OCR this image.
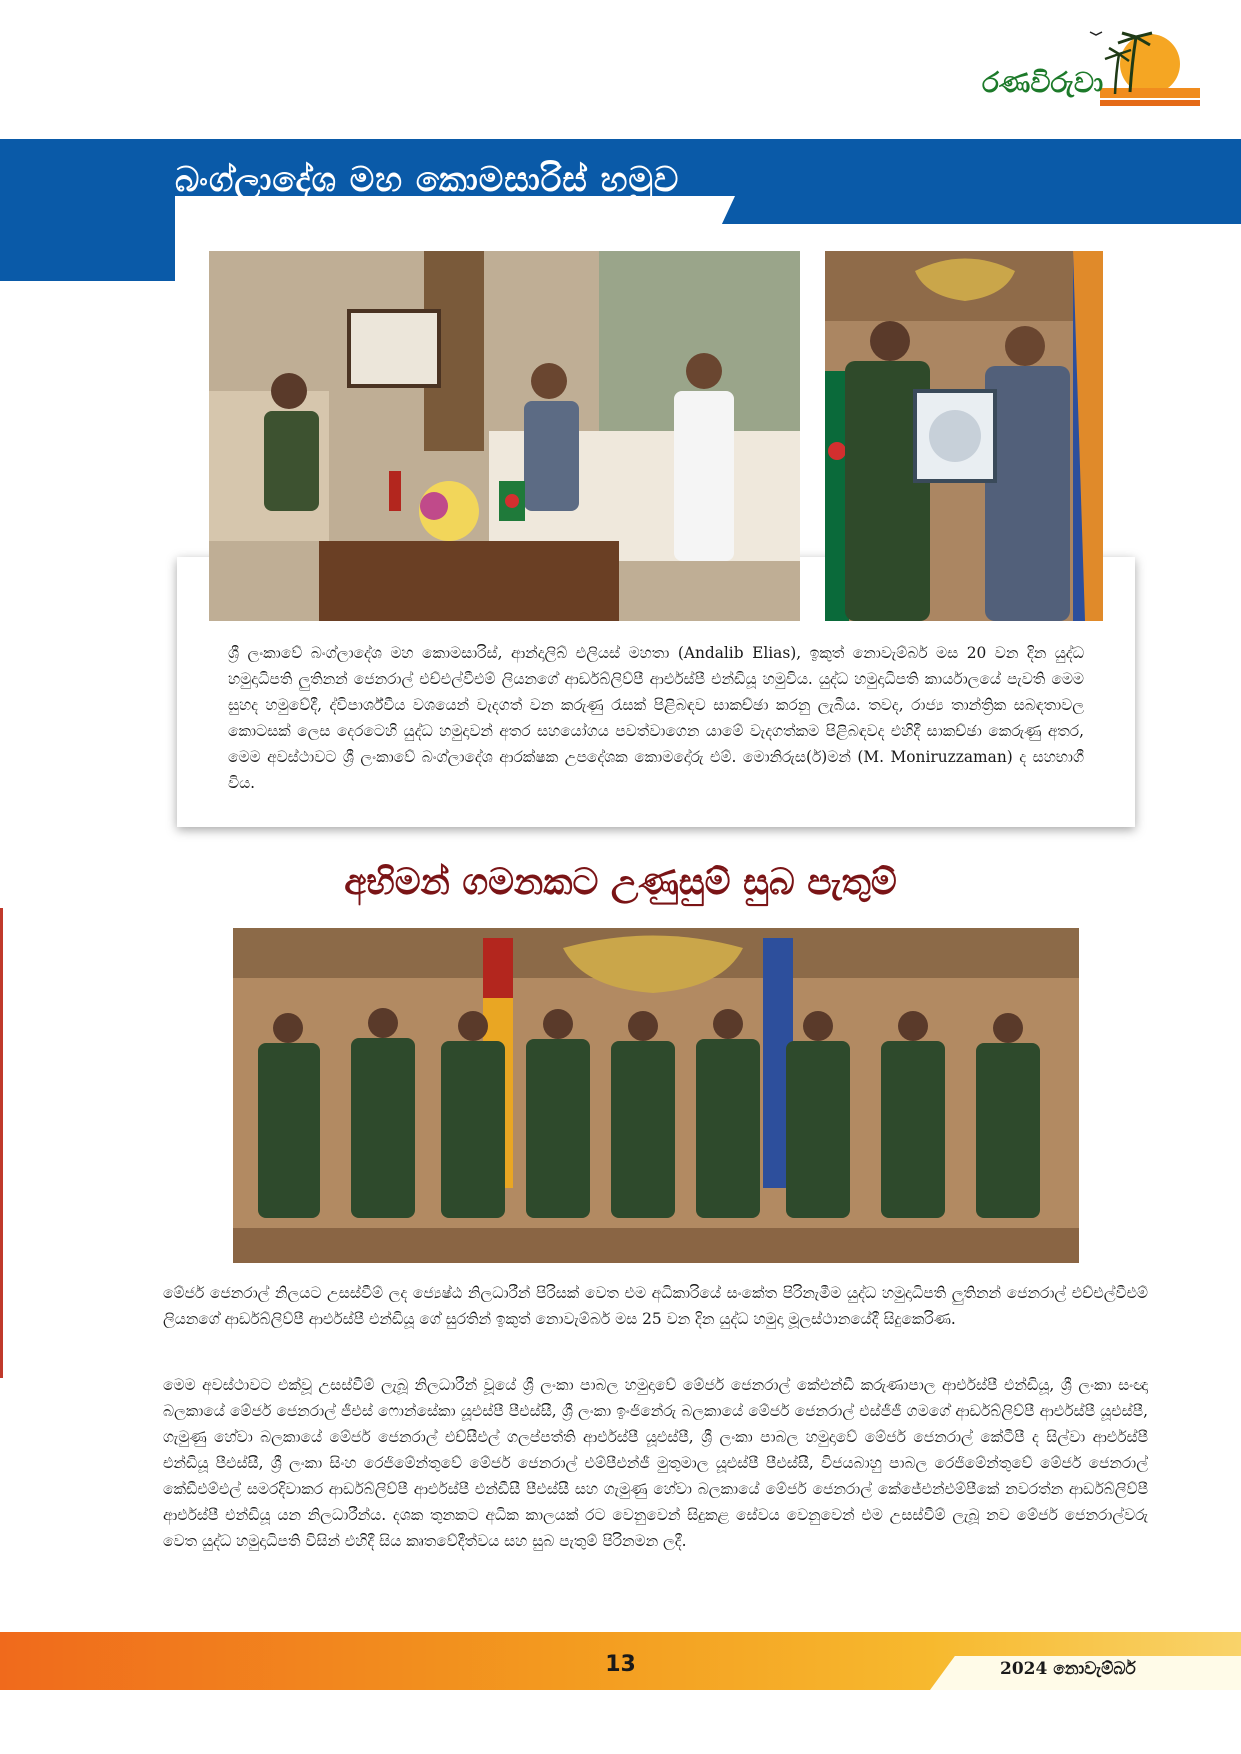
රණවිරුවා
බංග්ලාදේශ මහ කොමසාරිස් හමුව
ශ්‍රී ලංකාවේ බංග්ලාදේශ මහ කොමසාරිස්, ආන්දාලිබ් එලියස් මහතා (Andalib Elias), ඉකුත් නොවැම්බර් මස 20 වන දින යුද්ධ හමුදාධිපති ලුතිනන් ජෙනරාල් එච්එල්වීඑම් ලියනගේ ආර්ඩබ්ලිව්පී ආර්එස්පී එන්ඩියූ හමුවිය. යුද්ධ හමුදාධිපති කාර්යාලයේ පැවති මෙම සුහද හමුවේදී, ද්විපාර්ශ්වීය වශයෙන් වැදගත් වන කරුණු රැසක් පිළිබඳව සාකච්ඡා කරනු ලැබීය. තවද, රාජ්‍ය තාන්ත්‍රික සබඳතාවල කොටසක් ලෙස දෙරටෙහි යුද්ධ හමුදාවන් අතර සහයෝගය පවත්වාගෙන යාමේ වැදගත්කම පිළිබඳවද එහිදී සාකච්ඡා කෙරුණු අතර, මෙම අවස්ථාවට ශ්‍රී ලංකාවේ බංග්ලාදේශ ආරක්ෂක උපදේශක කොමදෝරු එම්. මොනිරුස(ර්)මන් (M. Moniruzzaman) ද සහභාගී විය.
අභිමන් ගමනකට උණුසුම් සුබ පැතුම්
මේජර් ජෙනරාල් නිලයට උසස්වීම් ලද ජ්‍යෙෂ්ඨ නිලධාරීන් පිරිසක් වෙත එම අධිකාරියේ සංකේත පිරිනැමීම යුද්ධ හමුදාධිපති ලුතිනන් ජෙනරාල් එච්එල්වීඑම් ලියනගේ ආර්ඩබ්ලිව්පී ආර්එස්පී එන්ඩියූ ගේ සුරතින් ඉකුත් නොවැම්බර් මස 25 වන දින යුද්ධ හමුදා මූලස්ථානයේදී සිදුකෙරිණ.
මෙම අවස්ථාවට එක්වූ උසස්වීම් ලැබූ නිලධාරීන් වූයේ ශ්‍රී ලංකා පාබල හමුදාවේ මේජර් ජෙනරාල් කේඑන්ඩී කරුණාපාල ආර්එස්පී එන්ඩියූ, ශ්‍රී ලංකා සංඥා බලකායේ මේජර් ජෙනරාල් ජීඑස් ෆොන්සේකා යූඑස්පී පීඑස්සී, ශ්‍රී ලංකා ඉංජිනේරු බලකායේ මේජර් ජෙනරාල් එස්ජීජී ගමගේ ආර්ඩබ්ලිව්පී ආර්එස්පී යූඑස්පී, ගැමුණු හේවා බලකායේ මේජර් ජෙනරාල් එච්සීඑල් ගලප්පත්ති ආර්එස්පී යූඑස්පී, ශ්‍රී ලංකා පාබල හමුදාවේ මේජර් ජෙනරාල් කේටීපී ද සිල්වා ආර්එස්පී එන්ඩියූ පීඑස්සී, ශ්‍රී ලංකා සිංහ රෙජිමේන්තුවේ මේජර් ජෙනරාල් එම්පීඑන්ජී මුතුමාල යූඑස්පී පීඑස්සී, විජයබාහු පාබල රෙජිමේන්තුවේ මේජර් ජෙනරාල් කේඩීඑම්එල් සමරදිවාකර ආර්ඩබ්ලිව්පී ආර්එස්පී එන්ඩීසී පීඑස්සී සහ ගැමුණු හේවා බලකායේ මේජර් ජෙනරාල් කේජේඑන්එම්පීකේ නවරත්න ආර්ඩබ්ලිව්පී ආර්එස්පී එන්ඩියූ යන නිලධාරීන්ය. දශක තුනකට අධික කාලයක් රට වෙනුවෙන් සිදුකළ සේවය වෙනුවෙන් එම උසස්වීම් ලැබූ නව මේජර් ජෙනරාල්වරු වෙත යුද්ධ හමුදාධිපති විසින් එහිදී සිය කෘතවේදීත්වය සහ සුබ පැතුම් පිරිනමන ලදී.
13	2024 නොවැම්බර්
